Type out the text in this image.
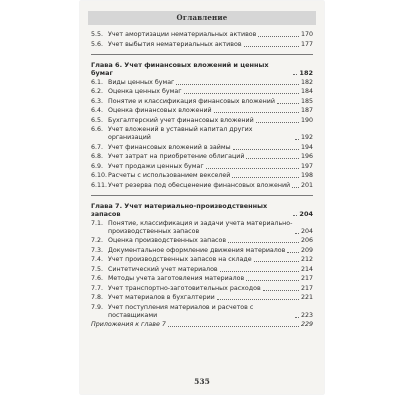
Оглавление
5.5. Учет амортизации нематериальных активов	170
5.6. Учет выбытия нематериальных активов	177
Глава 6. Учет финансовых вложений и ценных бумаг	182
6.1. Виды ценных бумаг	182
6.2. Оценка ценных бумаг	184
6.3. Понятие и классификация финансовых вложений	185
6.4. Оценка финансовых вложений	187
6.5. Бухгалтерский учет финансовых вложений	190
6.6. Учет вложений в уставный капитал других организаций	192
6.7. Учет финансовых вложений в займы	194
6.8. Учет затрат на приобретение облигаций	196
6.9. Учет продажи ценных бумаг	197
6.10. Расчеты с использованием векселей	198
6.11. Учет резерва под обесценение финансовых вложений 201
Глава 7. Учет материально-производственных запасов	204
7.1. Понятие, классификация и задачи учета материально-производственных запасов	204
7.2. Оценка производственных запасов	206
7.3. Документальное оформление движения материалов 209
7.4. Учет производственных запасов на складе	212
7.5. Синтетический учет материалов	214
7.6. Методы учета заготовления материалов	217
7.7. Учет транспортно-заготовительных расходов	217
7.8. Учет материалов в бухгалтерии	221
7.9. Учет поступления материалов и расчетов с поставщиками	223
Приложения к главе 7	229
535
